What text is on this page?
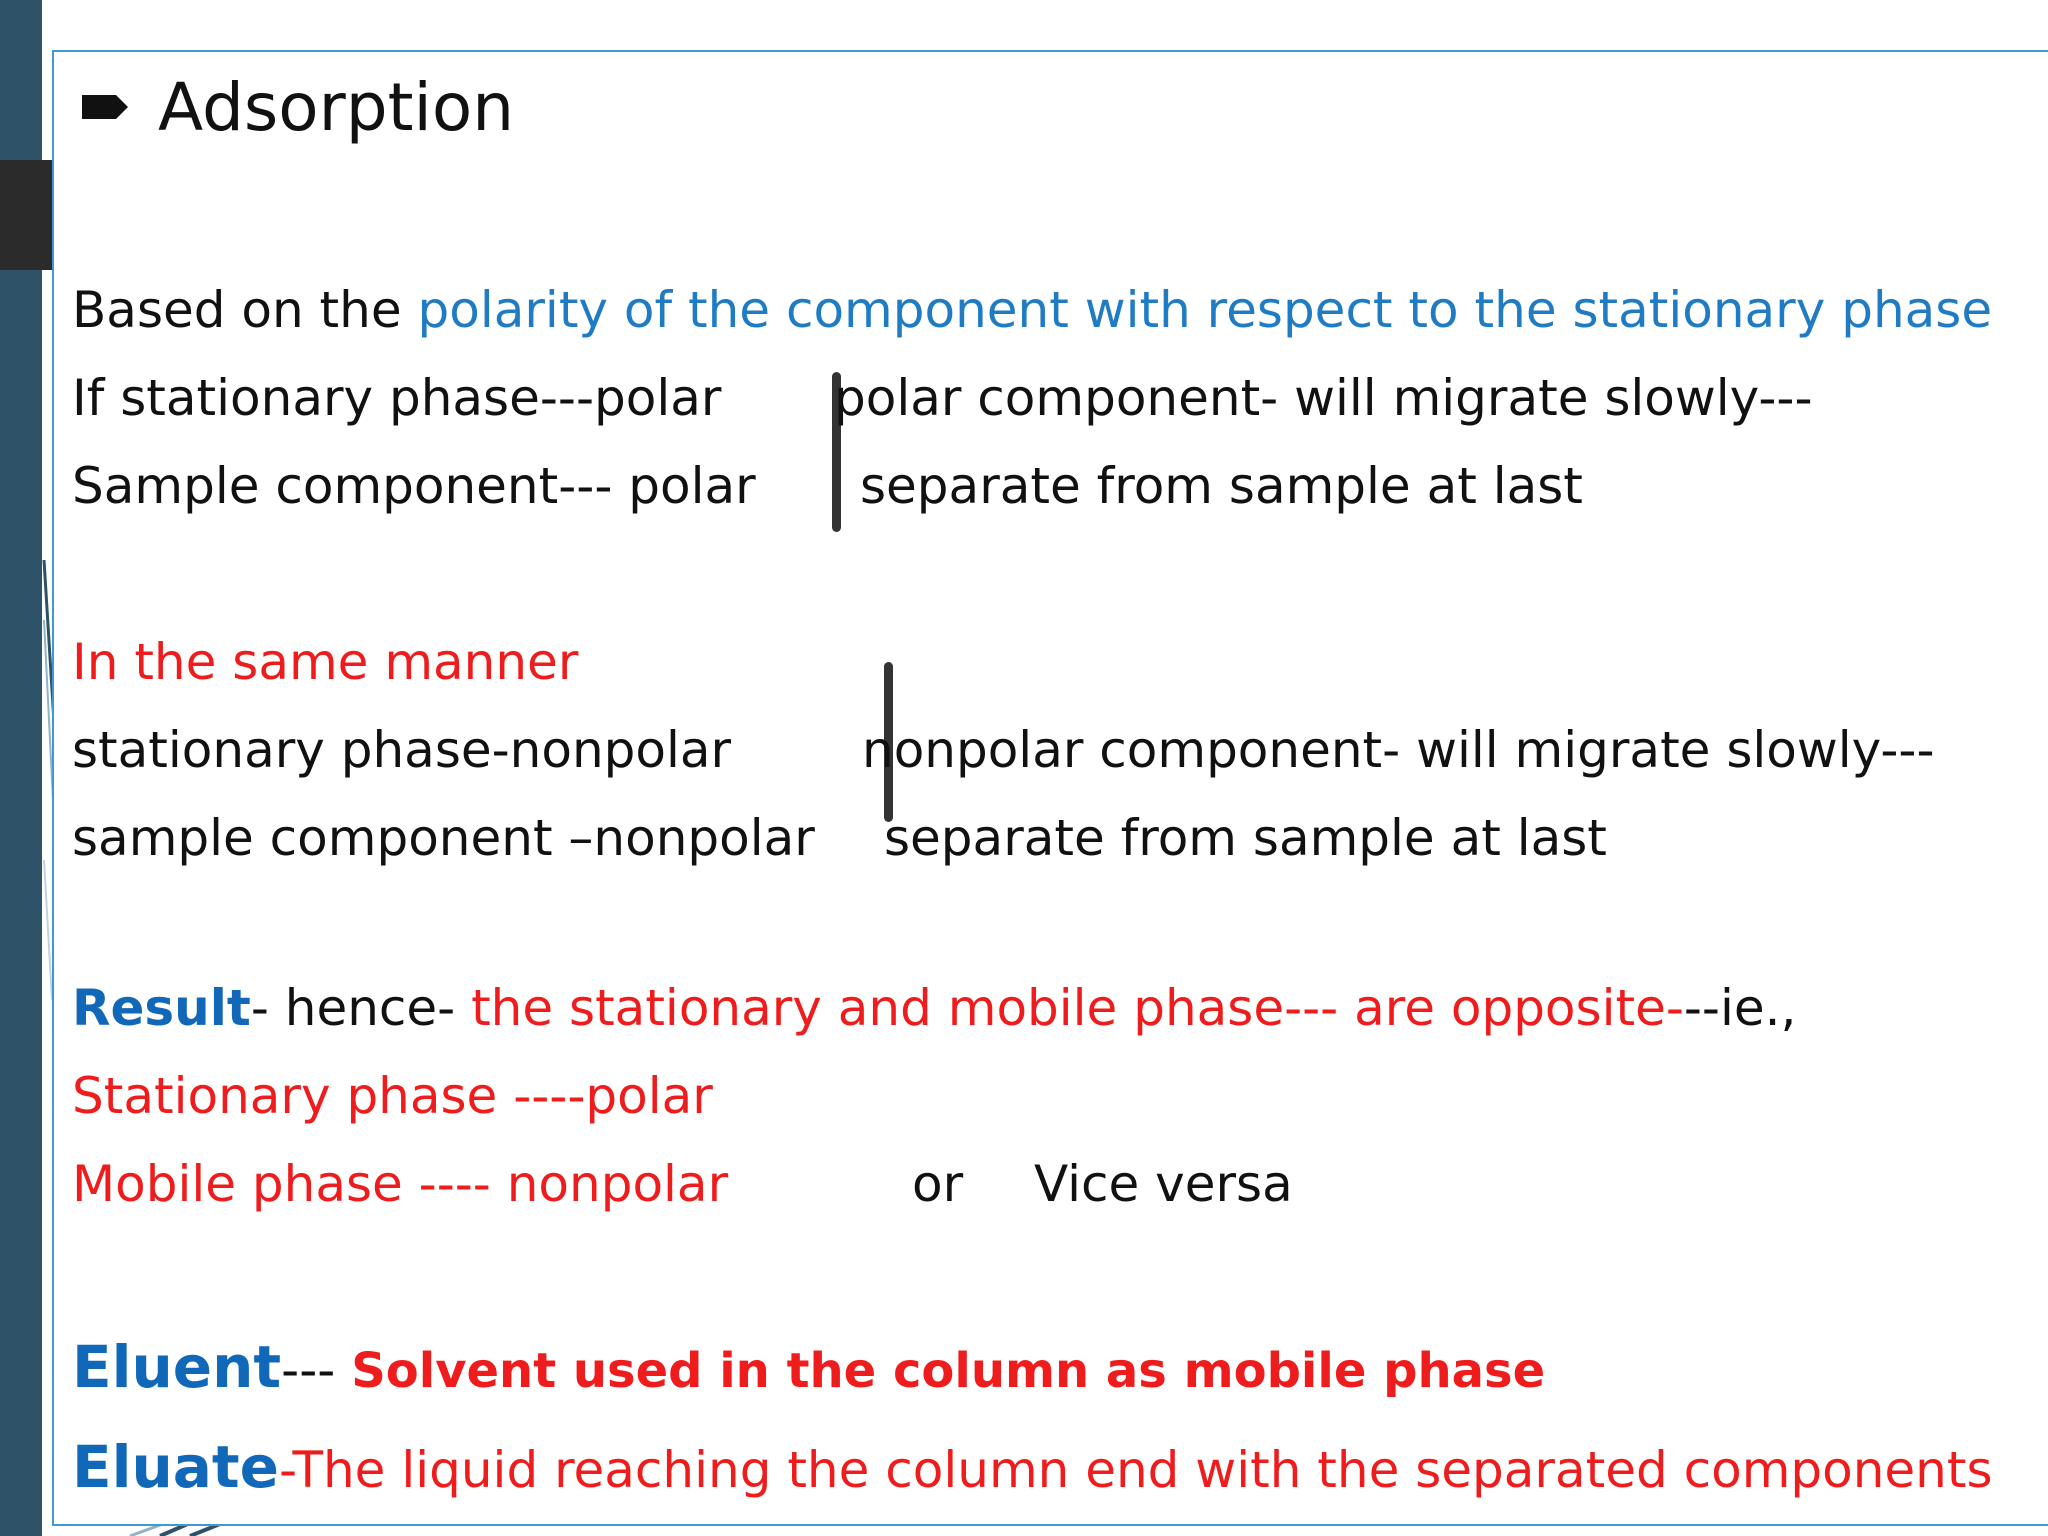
Adsorption
Based on the polarity of the component with respect to the stationary phase
If stationary phase---polar
Sample component--- polar
polar component- will migrate slowly---
separate from sample at last
In the same manner
stationary phase-nonpolar
sample component –nonpolar
nonpolar component- will migrate slowly---
separate from sample at last
Result- hence- the stationary and mobile phase--- are opposite---ie.,
Stationary phase ----polar
Mobile phase ---- nonpolar	or Vice versa
Eluent--- Solvent used in the column as mobile phase
Eluate-The liquid reaching the column end with the separated components
